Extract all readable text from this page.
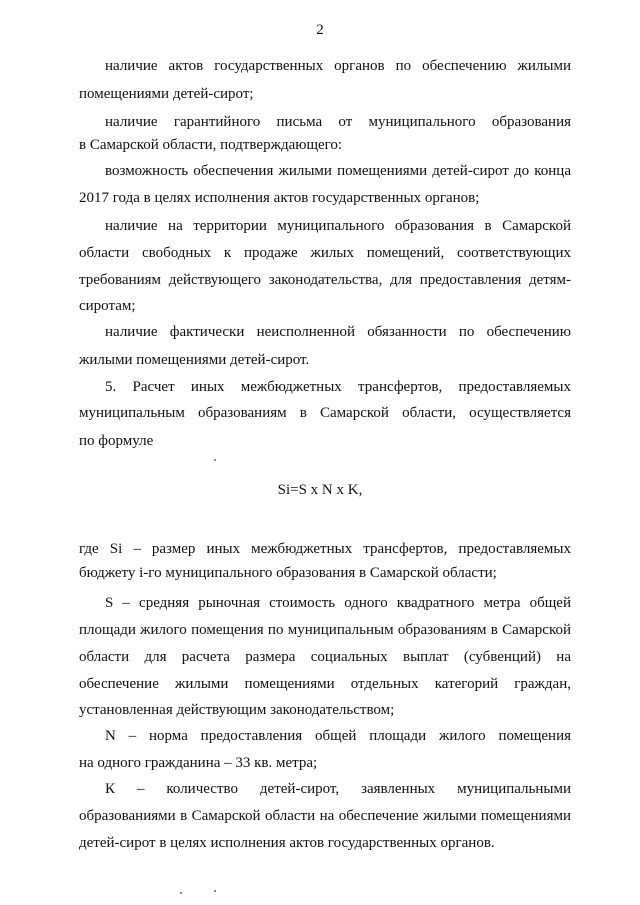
2
наличие актов государственных органов по обеспечению жилыми
помещениями детей-сирот;
наличие гарантийного письма от муниципального образования
в Самарской области, подтверждающего:
возможность обеспечения жилыми помещениями детей-сирот до конца
2017 года в целях исполнения актов государственных органов;
наличие на территории муниципального образования в Самарской
области свободных к продаже жилых помещений, соответствующих
требованиям действующего законодательства, для предоставления детям-
сиротам;
наличие фактически неисполненной обязанности по обеспечению
жилыми помещениями детей-сирот.
5. Расчет иных межбюджетных трансфертов, предоставляемых
муниципальным образованиям в Самарской области, осуществляется
по формуле
Si=S x N x K,
где Si – размер иных межбюджетных трансфертов, предоставляемых
бюджету i-го муниципального образования в Самарской области;
S – средняя рыночная стоимость одного квадратного метра общей
площади жилого помещения по муниципальным образованиям в Самарской
области для расчета размера социальных выплат (субвенций) на
обеспечение жилыми помещениями отдельных категорий граждан,
установленная действующим законодательством;
N – норма предоставления общей площади жилого помещения
на одного гражданина – 33 кв. метра;
К – количество детей-сирот, заявленных муниципальными
образованиями в Самарской области на обеспечение жилыми помещениями
детей-сирот в целях исполнения актов государственных органов.
